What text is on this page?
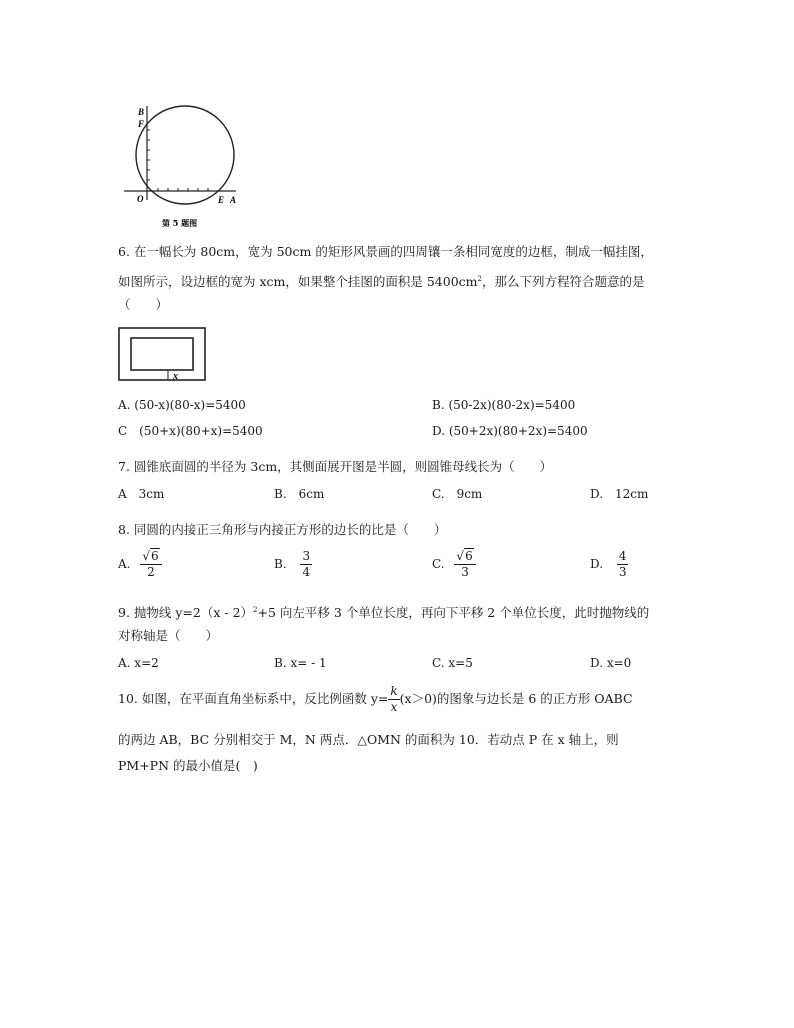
B
F
O	E A
第 5 题图
6. 在一幅长为 80cm，宽为 50cm 的矩形风景画的四周镶一条相同宽度的边框，制成一幅挂图，
如图所示，设边框的宽为 xcm，如果整个挂图的面积是 $5400cm^2$，那么下列方程符合题意的是
（　　）
x
A. (50-x)(80-x)=5400	B. (50-2x)(80-2x)=5400
C　(50+x)(80+x)=5400	D. (50+2x)(80+2x)=5400
7. 圆锥底面圆的半径为 3cm，其侧面展开图是半圆，则圆锥母线长为（　　）
A　3cm	B.　6cm	C.　9cm	D.　12cm
8. 同圆的内接正三角形与内接正方形的边长的比是（　　）
A. $\frac{√6}{2}$	B. $\frac{3}{4}$	C. $\frac{√6}{3}$	D. $\frac{4}{3}$
9. 抛物线 y=2（x - 2）$^2$+5 向左平移 3 个单位长度，再向下平移 2 个单位长度，此时抛物线的
对称轴是（　　）
A. x=2	B. x= - 1	C. x=5	D. x=0
10. 如图，在平面直角坐标系中，反比例函数 $y= \frac{k}{x} (x>0)$的图象与边长是 6 的正方形 OABC
的两边 AB，BC 分别相交于 M，N 两点．△OMN 的面积为 10．若动点 P 在 x 轴上，则
PM+PN 的最小值是(　)
